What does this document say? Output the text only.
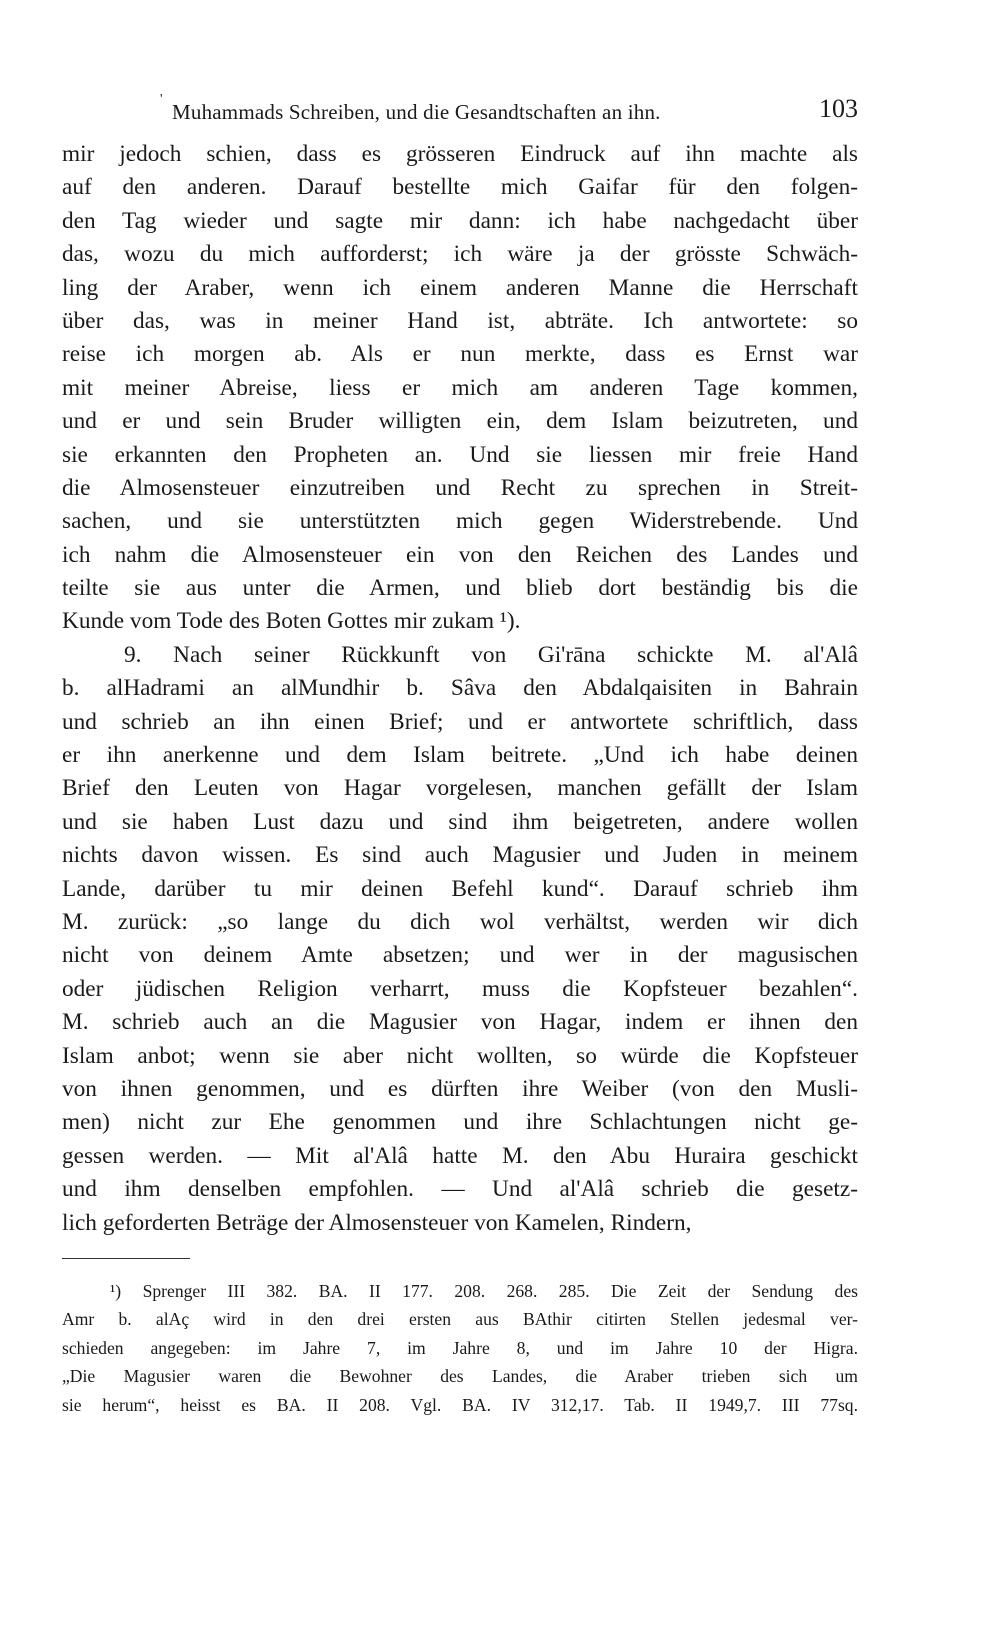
'
Muhammads Schreiben, und die Gesandtschaften an ihn.	103
mir jedoch schien, dass es grösseren Eindruck auf ihn machte als
auf den anderen. Darauf bestellte mich Gaifar für den folgen-
den Tag wieder und sagte mir dann: ich habe nachgedacht über
das, wozu du mich aufforderst; ich wäre ja der grösste Schwäch-
ling der Araber, wenn ich einem anderen Manne die Herrschaft
über das, was in meiner Hand ist, abträte. Ich antwortete: so
reise ich morgen ab. Als er nun merkte, dass es Ernst war
mit meiner Abreise, liess er mich am anderen Tage kommen,
und er und sein Bruder willigten ein, dem Islam beizutreten, und
sie erkannten den Propheten an. Und sie liessen mir freie Hand
die Almosensteuer einzutreiben und Recht zu sprechen in Streit-
sachen, und sie unterstützten mich gegen Widerstrebende. Und
ich nahm die Almosensteuer ein von den Reichen des Landes und
teilte sie aus unter die Armen, und blieb dort beständig bis die
Kunde vom Tode des Boten Gottes mir zukam ¹).
9. Nach seiner Rückkunft von Gi'rāna schickte M. al'Alâ
b. alHadrami an alMundhir b. Sâva den Abdalqaisiten in Bahrain
und schrieb an ihn einen Brief; und er antwortete schriftlich, dass
er ihn anerkenne und dem Islam beitrete. „Und ich habe deinen
Brief den Leuten von Hagar vorgelesen, manchen gefällt der Islam
und sie haben Lust dazu und sind ihm beigetreten, andere wollen
nichts davon wissen. Es sind auch Magusier und Juden in meinem
Lande, darüber tu mir deinen Befehl kund“. Darauf schrieb ihm
M. zurück: „so lange du dich wol verhältst, werden wir dich
nicht von deinem Amte absetzen; und wer in der magusischen
oder jüdischen Religion verharrt, muss die Kopfsteuer bezahlen“.
M. schrieb auch an die Magusier von Hagar, indem er ihnen den
Islam anbot; wenn sie aber nicht wollten, so würde die Kopfsteuer
von ihnen genommen, und es dürften ihre Weiber (von den Musli-
men) nicht zur Ehe genommen und ihre Schlachtungen nicht ge-
gessen werden. — Mit al'Alâ hatte M. den Abu Huraira geschickt
und ihm denselben empfohlen. — Und al'Alâ schrieb die gesetz-
lich geforderten Beträge der Almosensteuer von Kamelen, Rindern,
¹) Sprenger III 382. BA. II 177. 208. 268. 285. Die Zeit der Sendung des
Amr b. alAç wird in den drei ersten aus BAthir citirten Stellen jedesmal ver-
schieden angegeben: im Jahre 7, im Jahre 8, und im Jahre 10 der Higra.
„Die Magusier waren die Bewohner des Landes, die Araber trieben sich um
sie herum“, heisst es BA. II 208. Vgl. BA. IV 312,17. Tab. II 1949,7. III 77sq.
